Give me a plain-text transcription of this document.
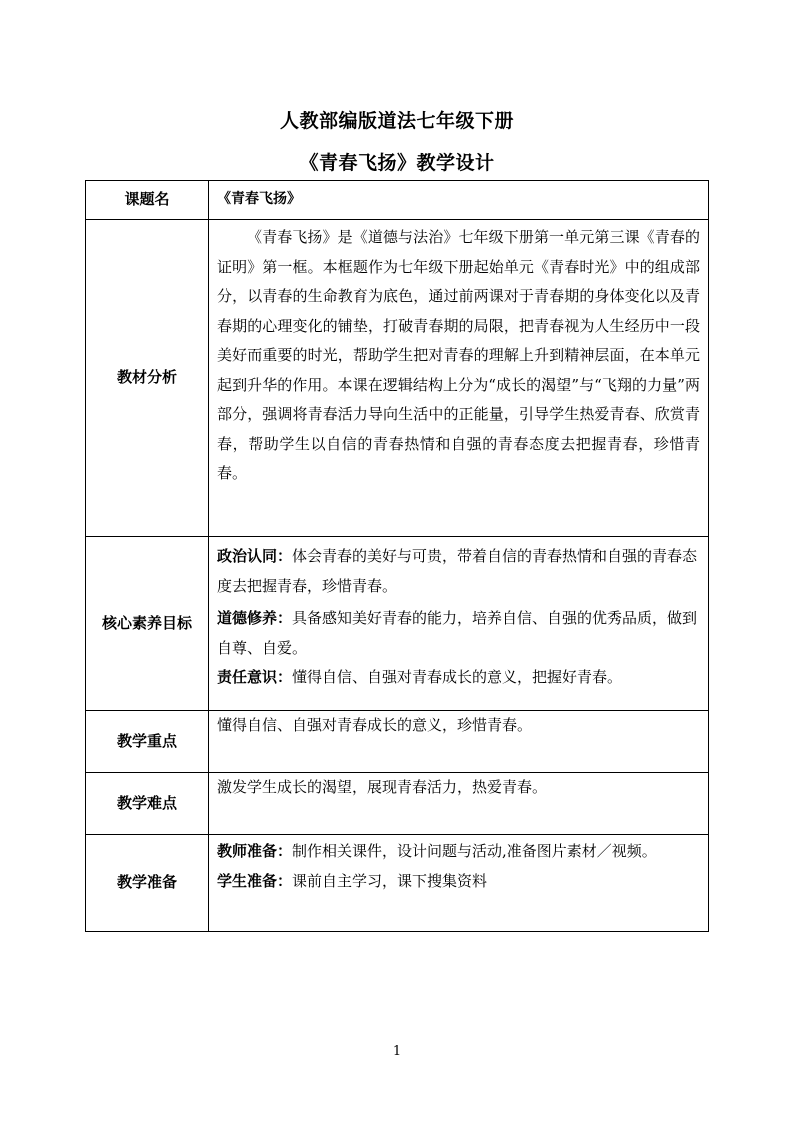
人教部编版道法七年级下册
《青春飞扬》教学设计
课题名	《青春飞扬》
教材分析	《青春飞扬》是《道德与法治》七年级下册第一单元第三课《青春的证明》第一框。本框题作为七年级下册起始单元《青春时光》中的组成部分，以青春的生命教育为底色，通过前两课对于青春期的身体变化以及青春期的心理变化的铺垫，打破青春期的局限，把青春视为人生经历中一段美好而重要的时光，帮助学生把对青春的理解上升到精神层面，在本单元起到升华的作用。本课在逻辑结构上分为“成长的渴望”与“飞翔的力量”两部分，强调将青春活力导向生活中的正能量，引导学生热爱青春、欣赏青春，帮助学生以自信的青春热情和自强的青春态度去把握青春，珍惜青春。

核心素养目标	政治认同：体会青春的美好与可贵，带着自信的青春热情和自强的青春态度去把握青春，珍惜青春。
道德修养：具备感知美好青春的能力，培养自信、自强的优秀品质，做到自尊、自爱。
责任意识：懂得自信、自强对青春成长的意义，把握好青春。

教学重点	懂得自信、自强对青春成长的意义，珍惜青春。
教学难点	激发学生成长的渴望，展现青春活力，热爱青春。
教学准备	教师准备：制作相关课件，设计问题与活动,准备图片素材／视频。
学生准备：课前自主学习，课下搜集资料
1
